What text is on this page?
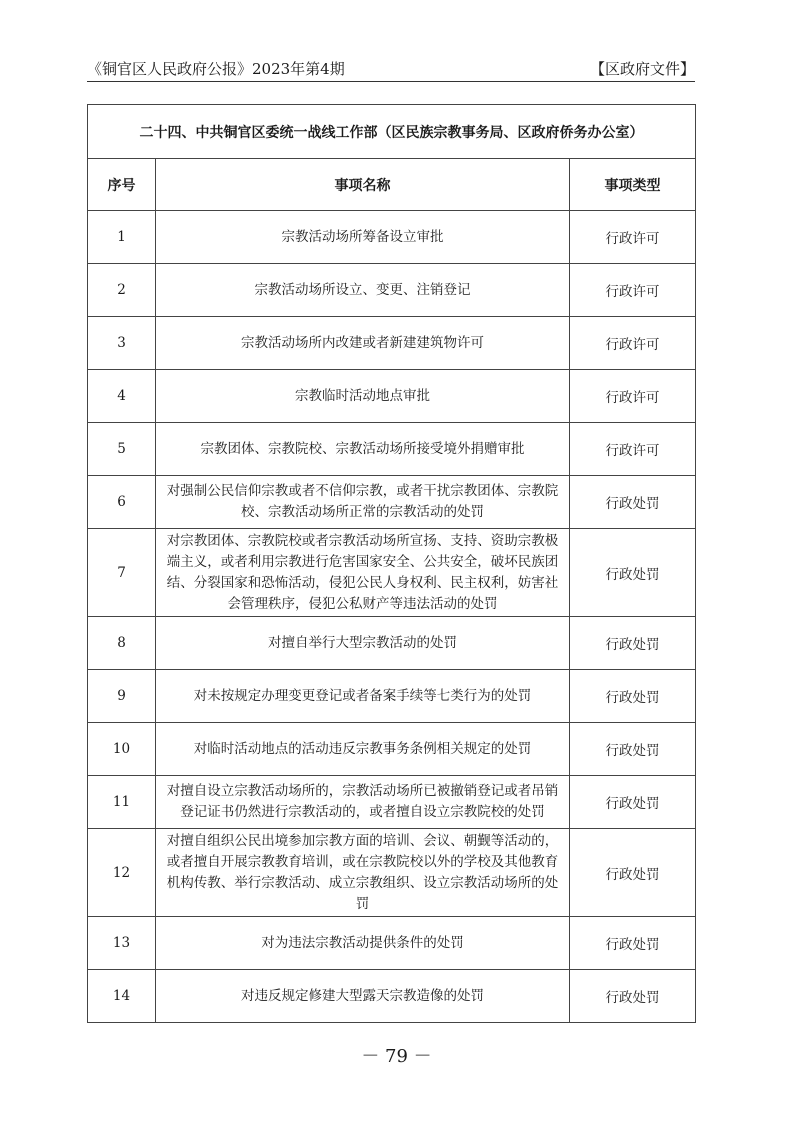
《铜官区人民政府公报》2023年第4期	【区政府文件】
二十四、中共铜官区委统一战线工作部（区民族宗教事务局、区政府侨务办公室）		
序号	事项名称	事项类型
1	宗教活动场所筹备设立审批	行政许可
2	宗教活动场所设立、变更、注销登记	行政许可
3	宗教活动场所内改建或者新建建筑物许可	行政许可
4	宗教临时活动地点审批	行政许可
5	宗教团体、宗教院校、宗教活动场所接受境外捐赠审批	行政许可
6	对强制公民信仰宗教或者不信仰宗教，或者干扰宗教团体、宗教院校、宗教活动场所正常的宗教活动的处罚	行政处罚
7	对宗教团体、宗教院校或者宗教活动场所宣扬、支持、资助宗教极端主义，或者利用宗教进行危害国家安全、公共安全，破坏民族团结、分裂国家和恐怖活动，侵犯公民人身权利、民主权利，妨害社会管理秩序，侵犯公私财产等违法活动的处罚	行政处罚
8	对擅自举行大型宗教活动的处罚	行政处罚
9	对未按规定办理变更登记或者备案手续等七类行为的处罚	行政处罚
10	对临时活动地点的活动违反宗教事务条例相关规定的处罚	行政处罚
11	对擅自设立宗教活动场所的，宗教活动场所已被撤销登记或者吊销登记证书仍然进行宗教活动的，或者擅自设立宗教院校的处罚	行政处罚
12	对擅自组织公民出境参加宗教方面的培训、会议、朝觐等活动的，或者擅自开展宗教教育培训，或在宗教院校以外的学校及其他教育机构传教、举行宗教活动、成立宗教组织、设立宗教活动场所的处罚	行政处罚
13	对为违法宗教活动提供条件的处罚	行政处罚
14	对违反规定修建大型露天宗教造像的处罚	行政处罚
－ 79 －
